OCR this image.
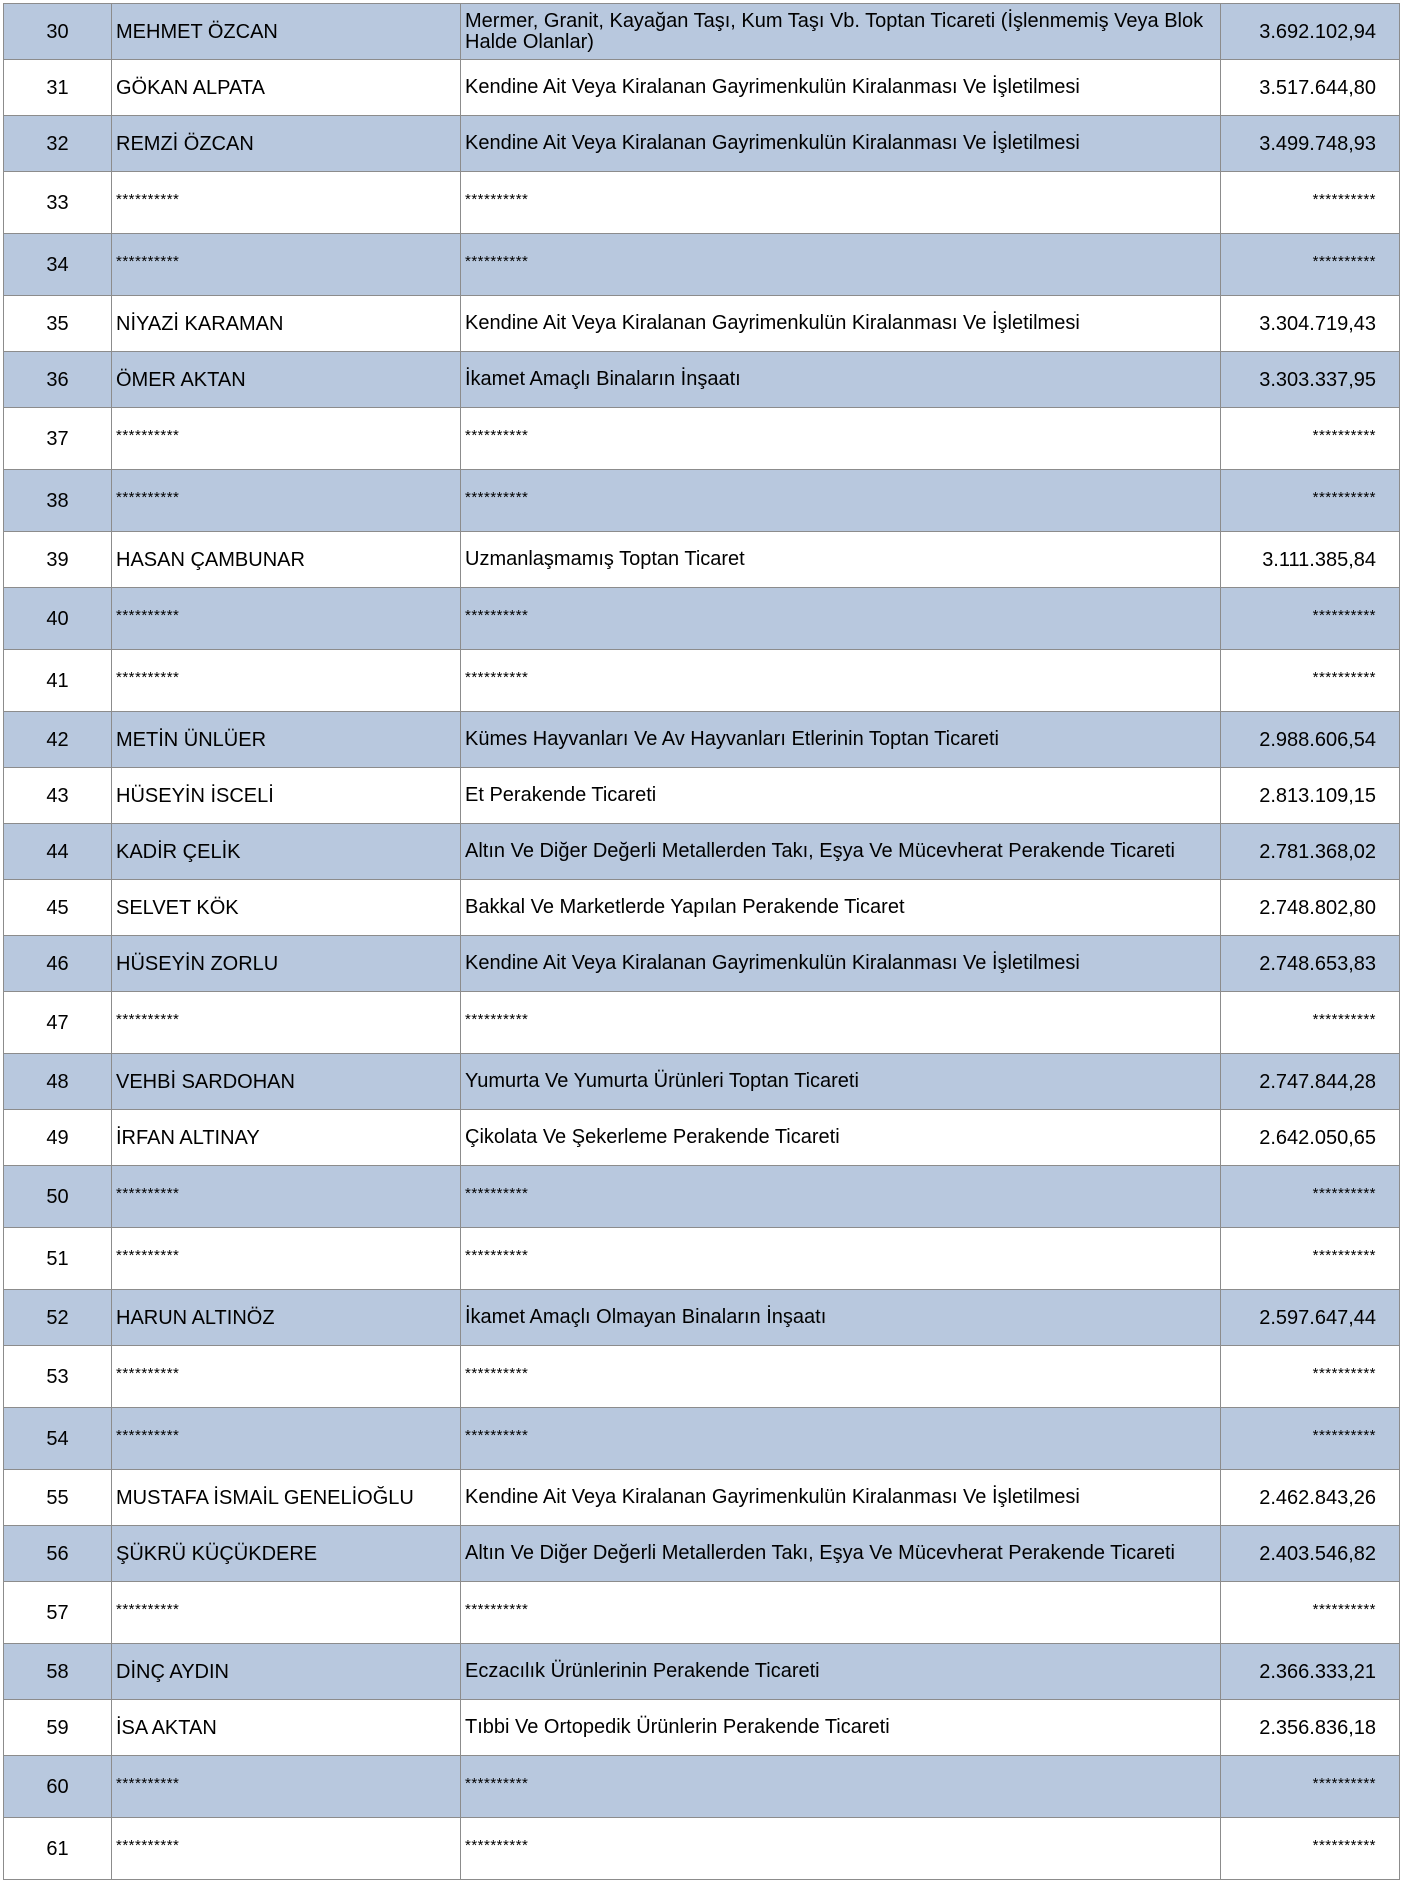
30	MEHMET ÖZCAN	Mermer, Granit, Kayağan Taşı, Kum Taşı Vb. Toptan Ticareti (İşlenmemiş Veya Blok Halde Olanlar)	3.692.102,94
31	GÖKAN ALPATA	Kendine Ait Veya Kiralanan Gayrimenkulün Kiralanması Ve İşletilmesi	3.517.644,80
32	REMZİ ÖZCAN	Kendine Ait Veya Kiralanan Gayrimenkulün Kiralanması Ve İşletilmesi	3.499.748,93
33	**********	**********	**********
34	**********	**********	**********
35	NİYAZİ KARAMAN	Kendine Ait Veya Kiralanan Gayrimenkulün Kiralanması Ve İşletilmesi	3.304.719,43
36	ÖMER AKTAN	İkamet Amaçlı Binaların İnşaatı	3.303.337,95
37	**********	**********	**********
38	**********	**********	**********
39	HASAN ÇAMBUNAR	Uzmanlaşmamış Toptan Ticaret	3.111.385,84
40	**********	**********	**********
41	**********	**********	**********
42	METİN ÜNLÜER	Kümes Hayvanları Ve Av Hayvanları Etlerinin Toptan Ticareti	2.988.606,54
43	HÜSEYİN İSCELİ	Et Perakende Ticareti	2.813.109,15
44	KADİR ÇELİK	Altın Ve Diğer Değerli Metallerden Takı, Eşya Ve Mücevherat Perakende Ticareti	2.781.368,02
45	SELVET KÖK	Bakkal Ve Marketlerde Yapılan Perakende Ticaret	2.748.802,80
46	HÜSEYİN ZORLU	Kendine Ait Veya Kiralanan Gayrimenkulün Kiralanması Ve İşletilmesi	2.748.653,83
47	**********	**********	**********
48	VEHBİ SARDOHAN	Yumurta Ve Yumurta Ürünleri Toptan Ticareti	2.747.844,28
49	İRFAN ALTINAY	Çikolata Ve Şekerleme Perakende Ticareti	2.642.050,65
50	**********	**********	**********
51	**********	**********	**********
52	HARUN ALTINÖZ	İkamet Amaçlı Olmayan Binaların İnşaatı	2.597.647,44
53	**********	**********	**********
54	**********	**********	**********
55	MUSTAFA İSMAİL GENELİOĞLU	Kendine Ait Veya Kiralanan Gayrimenkulün Kiralanması Ve İşletilmesi	2.462.843,26
56	ŞÜKRÜ KÜÇÜKDERE	Altın Ve Diğer Değerli Metallerden Takı, Eşya Ve Mücevherat Perakende Ticareti	2.403.546,82
57	**********	**********	**********
58	DİNÇ AYDIN	Eczacılık Ürünlerinin Perakende Ticareti	2.366.333,21
59	İSA AKTAN	Tıbbi Ve Ortopedik Ürünlerin Perakende Ticareti	2.356.836,18
60	**********	**********	**********
61	**********	**********	**********
